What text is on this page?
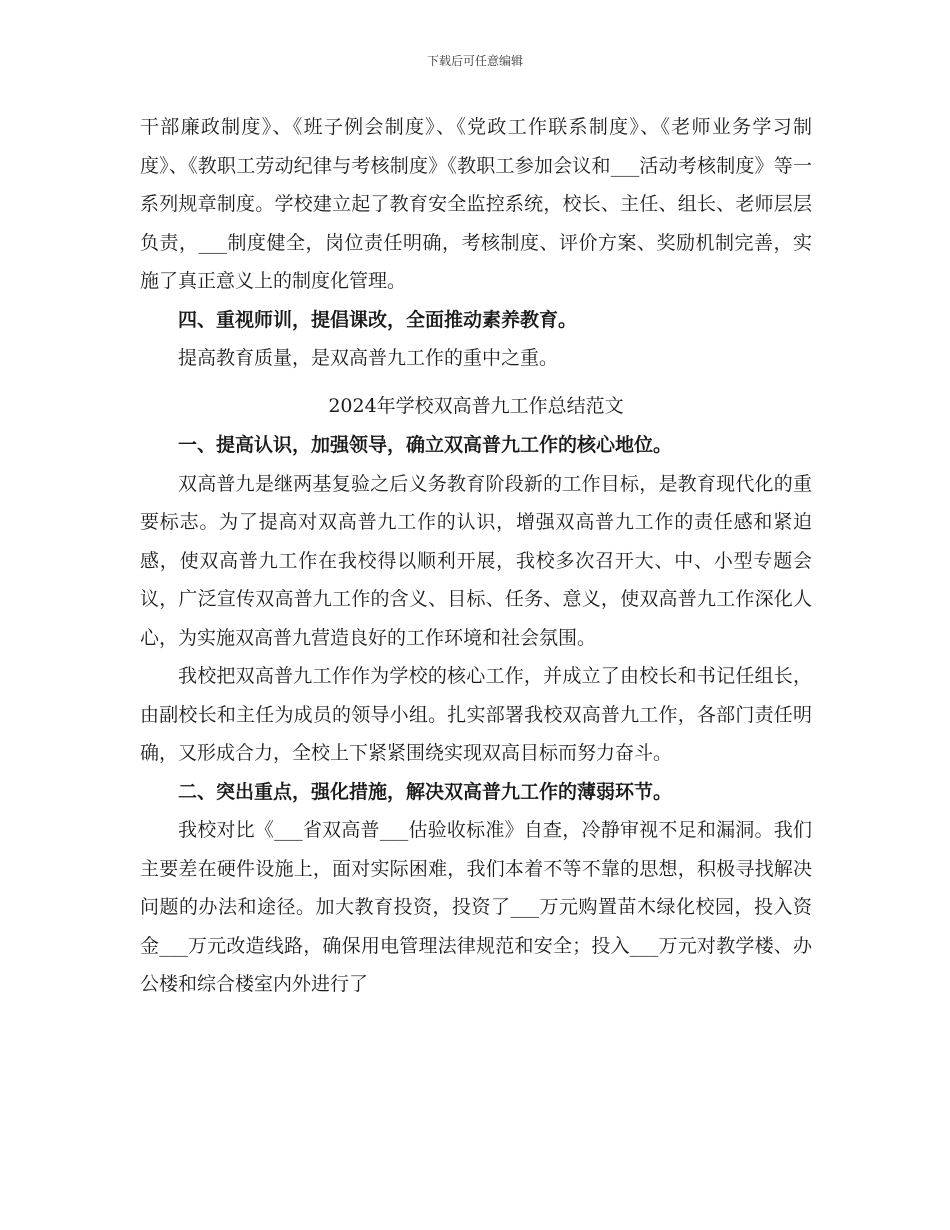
下载后可任意编辑

干部廉政制度》、《班子例会制度》、《党政工作联系制度》、《老师业务学习制度》、《教职工劳动纪律与考核制度》《教职工参加会议和___活动考核制度》等一系列规章制度。学校建立起了教育安全监控系统，校长、主任、组长、老师层层负责，___制度健全，岗位责任明确，考核制度、评价方案、奖励机制完善，实施了真正意义上的制度化管理。

四、重视师训，提倡课改，全面推动素养教育。

提高教育质量，是双高普九工作的重中之重。

2024年学校双高普九工作总结范文

一、提高认识，加强领导，确立双高普九工作的核心地位。

双高普九是继两基复验之后义务教育阶段新的工作目标，是教育现代化的重要标志。为了提高对双高普九工作的认识，增强双高普九工作的责任感和紧迫感，使双高普九工作在我校得以顺利开展，我校多次召开大、中、小型专题会议，广泛宣传双高普九工作的含义、目标、任务、意义，使双高普九工作深化人心，为实施双高普九营造良好的工作环境和社会氛围。

我校把双高普九工作作为学校的核心工作，并成立了由校长和书记任组长，由副校长和主任为成员的领导小组。扎实部署我校双高普九工作，各部门责任明确，又形成合力，全校上下紧紧围绕实现双高目标而努力奋斗。

二、突出重点，强化措施，解决双高普九工作的薄弱环节。

我校对比《___省双高普___估验收标准》自查，冷静审视不足和漏洞。我们主要差在硬件设施上，面对实际困难，我们本着不等不靠的思想，积极寻找解决问题的办法和途径。加大教育投资，投资了___万元购置苗木绿化校园，投入资金___万元改造线路，确保用电管理法律规范和安全；投入___万元对教学楼、办公楼和综合楼室内外进行了
